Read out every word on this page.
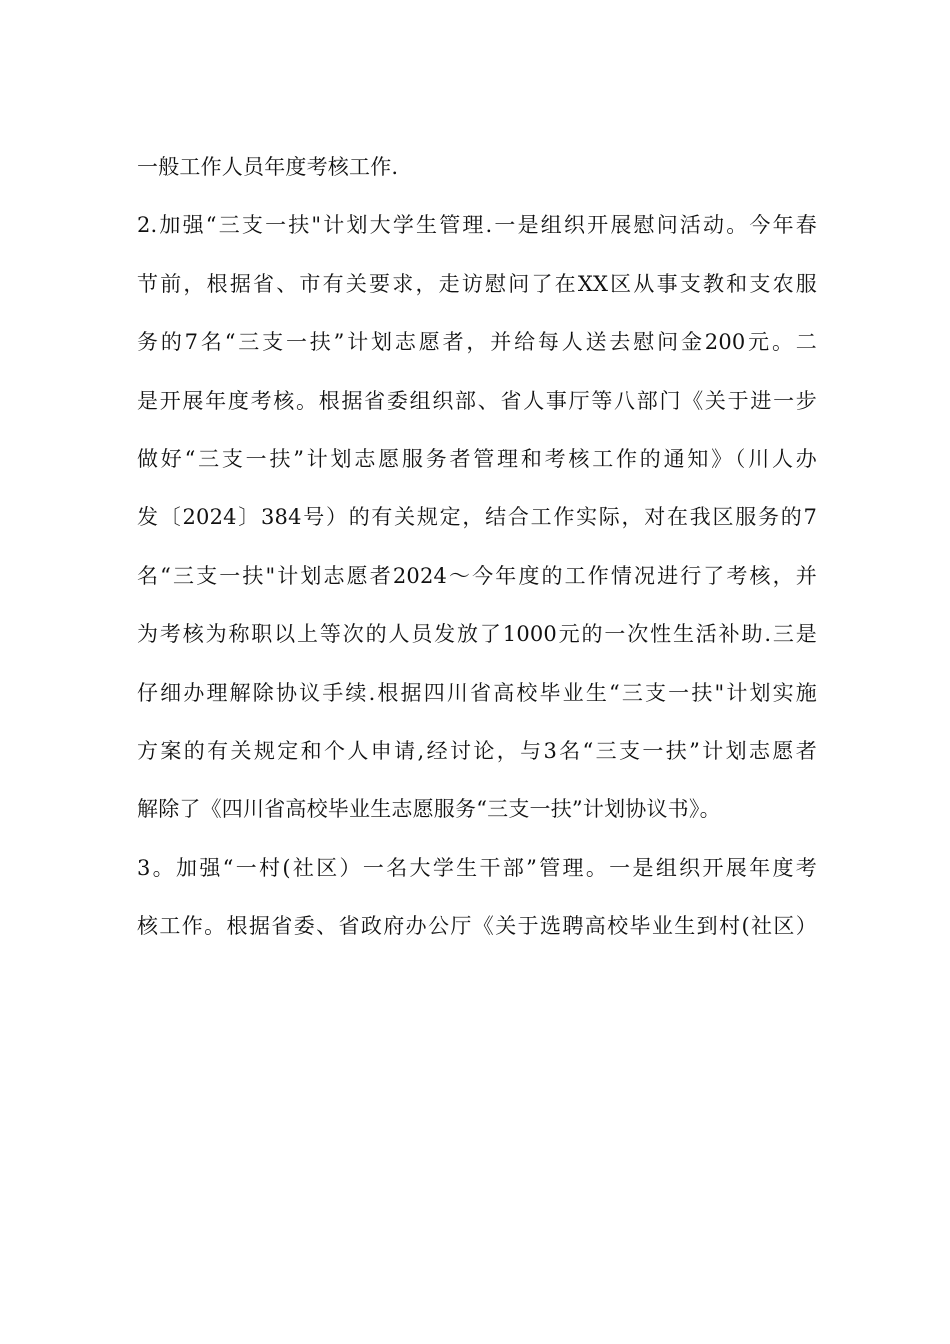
一般工作人员年度考核工作.
2.加强“三支一扶"计划大学生管理.一是组织开展慰问活动。今年春
节前，根据省、市有关要求，走访慰问了在XX区从事支教和支农服
务的7名“三支一扶”计划志愿者，并给每人送去慰问金200元。二
是开展年度考核。根据省委组织部、省人事厅等八部门《关于进一步
做好“三支一扶”计划志愿服务者管理和考核工作的通知》（川人办
发〔2024〕384号）的有关规定，结合工作实际，对在我区服务的7
名“三支一扶"计划志愿者2024～今年度的工作情况进行了考核，并
为考核为称职以上等次的人员发放了1000元的一次性生活补助.三是
仔细办理解除协议手续.根据四川省高校毕业生“三支一扶"计划实施
方案的有关规定和个人申请,经讨论，与3名“三支一扶”计划志愿者
解除了《四川省高校毕业生志愿服务“三支一扶”计划协议书》。
3。加强“一村(社区）一名大学生干部”管理。一是组织开展年度考
核工作。根据省委、省政府办公厅《关于选聘高校毕业生到村(社区）
